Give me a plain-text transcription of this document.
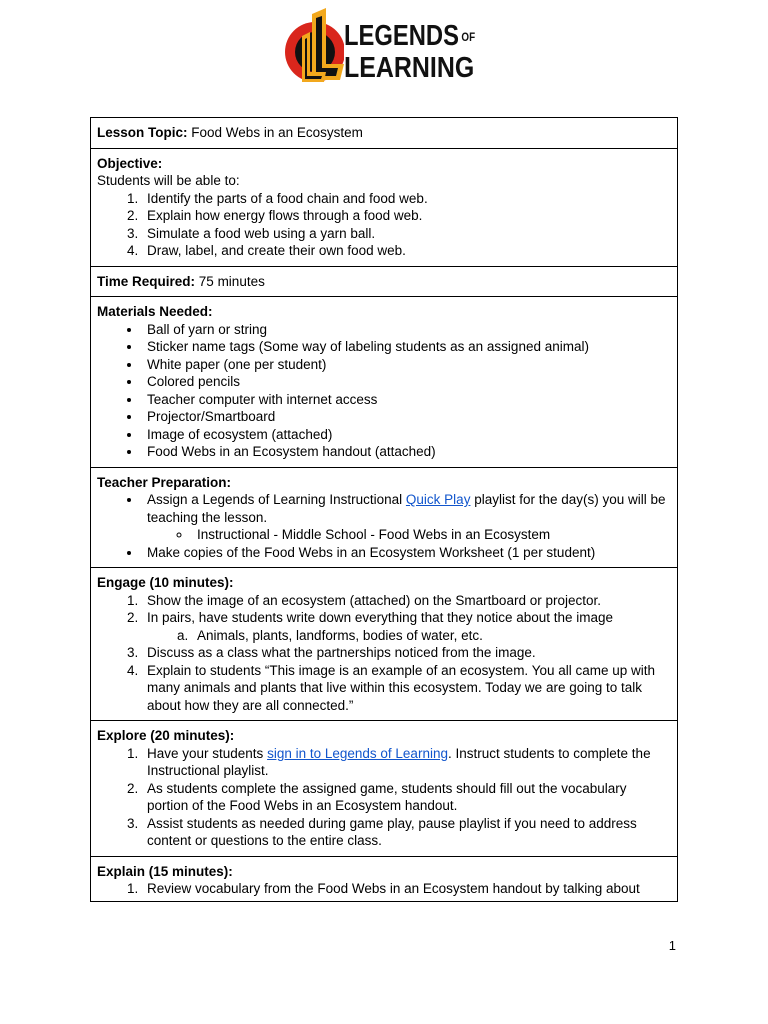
LEGENDS OF
LEARNING
Lesson Topic: Food Webs in an Ecosystem

Objective:
Students will be able to:
1. Identify the parts of a food chain and food web.
2. Explain how energy flows through a food web.
3. Simulate a food web using a yarn ball.
4. Draw, label, and create their own food web.

Time Required: 75 minutes

Materials Needed:
• Ball of yarn or string
• Sticker name tags (Some way of labeling students as an assigned animal)
• White paper (one per student)
• Colored pencils
• Teacher computer with internet access
• Projector/Smartboard
• Image of ecosystem (attached)
• Food Webs in an Ecosystem handout (attached)

Teacher Preparation:
• Assign a Legends of Learning Instructional Quick Play playlist for the day(s) you will be teaching the lesson.
◦ Instructional - Middle School - Food Webs in an Ecosystem
• Make copies of the Food Webs in an Ecosystem Worksheet (1 per student)

Engage (10 minutes):
1. Show the image of an ecosystem (attached) on the Smartboard or projector.
2. In pairs, have students write down everything that they notice about the image
a. Animals, plants, landforms, bodies of water, etc.
3. Discuss as a class what the partnerships noticed from the image.
4. Explain to students “This image is an example of an ecosystem. You all came up with many animals and plants that live within this ecosystem. Today we are going to talk about how they are all connected.”

Explore (20 minutes):
1. Have your students sign in to Legends of Learning. Instruct students to complete the Instructional playlist.
2. As students complete the assigned game, students should fill out the vocabulary portion of the Food Webs in an Ecosystem handout.
3. Assist students as needed during game play, pause playlist if you need to address content or questions to the entire class.

Explain (15 minutes):
1. Review vocabulary from the Food Webs in an Ecosystem handout by talking about
1
